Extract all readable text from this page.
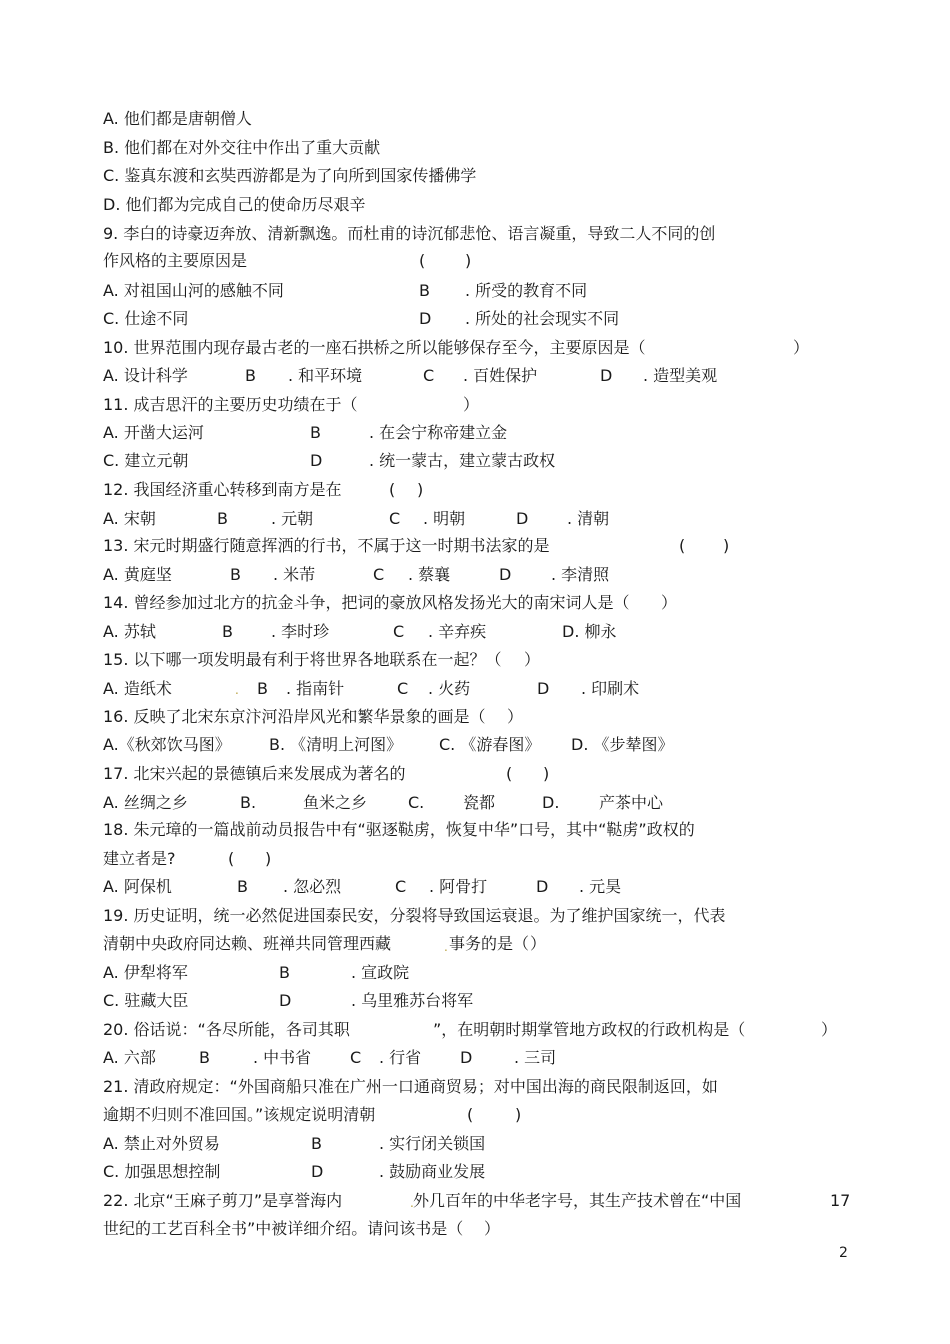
A. 他们都是唐朝僧人
B. 他们都在对外交往中作出了重大贡献
C. 鉴真东渡和玄奘西游都是为了向所到国家传播佛学
D. 他们都为完成自己的使命历尽艰辛
9. 李白的诗豪迈奔放、清新飘逸。而杜甫的诗沉郁悲怆、语言凝重，导致二人不同的创
作风格的主要原因是	( )
A. 对祖国山河的感触不同	B . 所受的教育不同
C. 仕途不同	D . 所处的社会现实不同
10. 世界范围内现存最古老的一座石拱桥之所以能够保存至今，主要原因是（	）
A. 设计科学	B . 和平环境	C . 百姓保护	D . 造型美观
11. 成吉思汗的主要历史功绩在于（	）
A. 开凿大运河	B	. 在会宁称帝建立金
C. 建立元朝	D	. 统一蒙古，建立蒙古政权
12. 我国经济重心转移到南方是在	( )
A. 宋朝	B	. 元朝	C . 明朝	D . 清朝
13. 宋元时期盛行随意挥洒的行书，不属于这一时期书法家的是	( )
A. 黄庭坚	B . 米芾	C . 蔡襄	D . 李清照
14. 曾经参加过北方的抗金斗争，把词的豪放风格发扬光大的南宋词人是（ ）
A. 苏轼	B . 李时珍	C . 辛弃疾	D. 柳永
15. 以下哪一项发明最有利于将世界各地联系在一起？（ ）
A. 造纸术	B . 指南针	C . 火药	D . 印刷术
16. 反映了北宋东京汴河沿岸风光和繁华景象的画是（ ）
A.《秋郊饮马图》 B. 《清明上河图》 C. 《游春图》 D. 《步辇图》
17. 北宋兴起的景德镇后来发展成为著名的	( )
A. 丝绸之乡	B.	鱼米之乡	C. 瓷都	D. 产茶中心
18. 朱元璋的一篇战前动员报告中有“驱逐鞑虏，恢复中华”口号，其中“鞑虏”政权的
建立者是?	( )
A. 阿保机	B . 忽必烈	C . 阿骨打	D . 元昊
19. 历史证明，统一必然促进国泰民安，分裂将导致国运衰退。为了维护国家统一，代表
清朝中央政府同达赖、班禅共同管理西藏	事务的是（ ）
A. 伊犁将军	B	. 宣政院
C. 驻藏大臣	D	. 乌里雅苏台将军
20. 俗话说：“各尽所能，各司其职	”，在明朝时期掌管地方政权的行政机构是（	）
A. 六部	B	. 中书省 C . 行省 D	. 三司
21. 清政府规定：“外国商船只准在广州一口通商贸易；对中国出海的商民限制返回，如
逾期不归则不准回国。”该规定说明清朝	(	)
A. 禁止对外贸易	B	. 实行闭关锁国
C. 加强思想控制	D	. 鼓励商业发展
22. 北京“王麻子剪刀”是享誉海内	外几百年的中华老字号，其生产技术曾在“中国	17
世纪的工艺百科全书”中被详细介绍。请问该书是（ ）
.
.
.
2
